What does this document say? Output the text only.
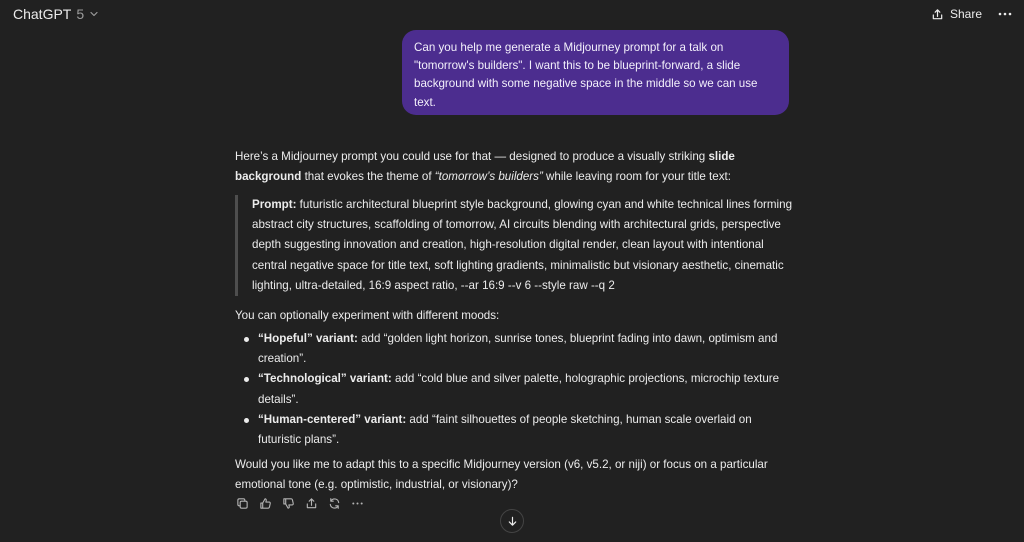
ChatGPT 5	Share
Can you help me generate a Midjourney prompt for a talk on "tomorrow's builders". I want this to be blueprint-forward, a slide background with some negative space in the middle so we can use text.

Here’s a Midjourney prompt you could use for that — designed to produce a visually striking slide background that evokes the theme of “tomorrow’s builders” while leaving room for your title text:

Prompt: futuristic architectural blueprint style background, glowing cyan and white technical lines forming abstract city structures, scaffolding of tomorrow, AI circuits blending with architectural grids, perspective depth suggesting innovation and creation, high-resolution digital render, clean layout with intentional central negative space for title text, soft lighting gradients, minimalistic but visionary aesthetic, cinematic lighting, ultra-detailed, 16:9 aspect ratio, --ar 16:9 --v 6 --style raw --q 2

You can optionally experiment with different moods:

“Hopeful” variant: add “golden light horizon, sunrise tones, blueprint fading into dawn, optimism and creation”.
“Technological” variant: add “cold blue and silver palette, holographic projections, microchip texture details”.
“Human-centered” variant: add “faint silhouettes of people sketching, human scale overlaid on futuristic plans”.

Would you like me to adapt this to a specific Midjourney version (v6, v5.2, or niji) or focus on a particular emotional tone (e.g. optimistic, industrial, or visionary)?
